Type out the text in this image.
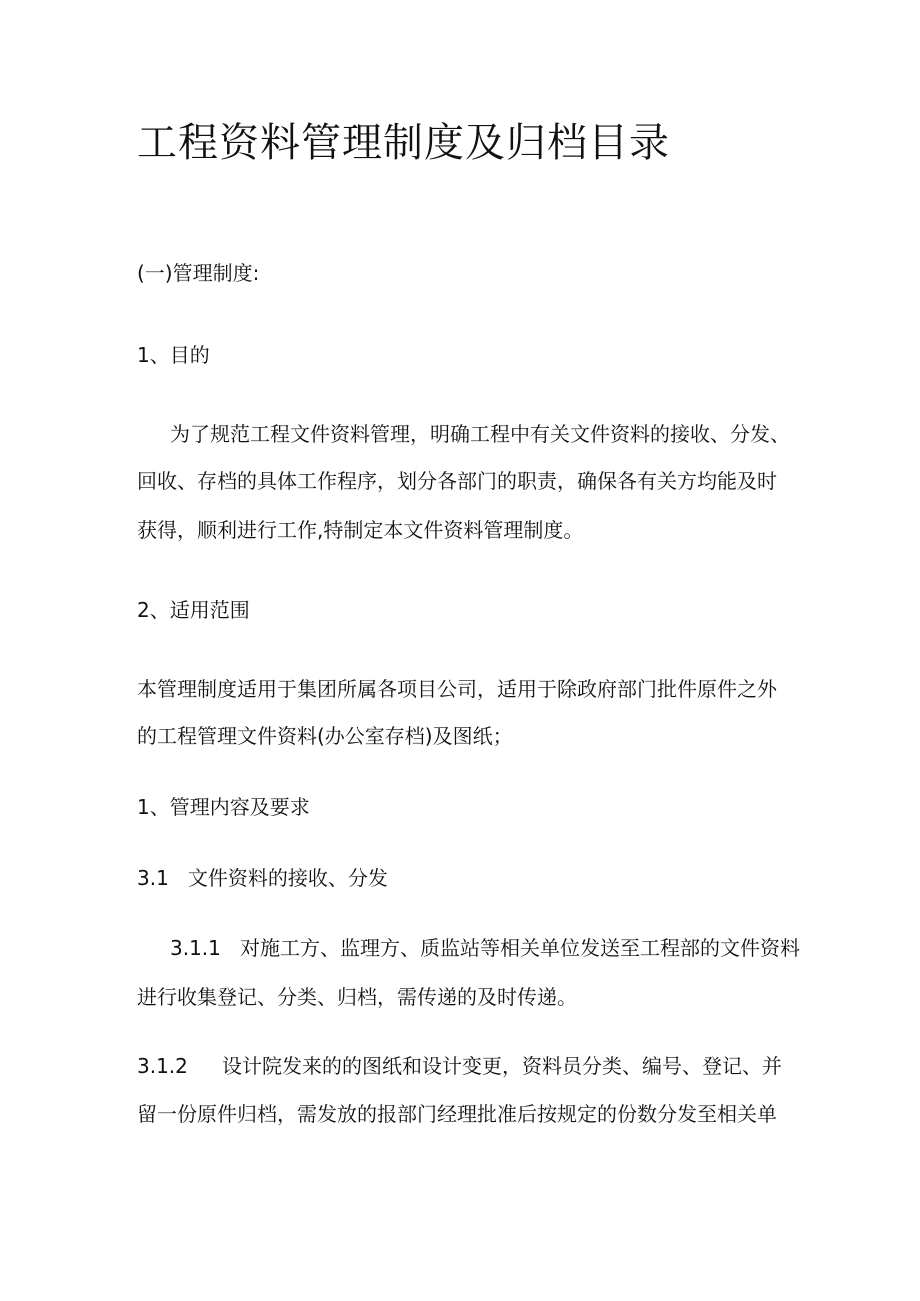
工程资料管理制度及归档目录
(一)管理制度:
1、目的
为了规范工程文件资料管理，明确工程中有关文件资料的接收、分发、
回收、存档的具体工作程序，划分各部门的职责，确保各有关方均能及时
获得，顺利进行工作,特制定本文件资料管理制度。
2、适用范围
本管理制度适用于集团所属各项目公司，适用于除政府部门批件原件之外
的工程管理文件资料(办公室存档)及图纸；
1、管理内容及要求
3.1   文件资料的接收、分发
3.1.1   对施工方、监理方、质监站等相关单位发送至工程部的文件资料
进行收集登记、分类、归档，需传递的及时传递。
3.1.2 设计院发来的的图纸和设计变更，资料员分类、编号、登记、并
留一份原件归档，需发放的报部门经理批准后按规定的份数分发至相关单
